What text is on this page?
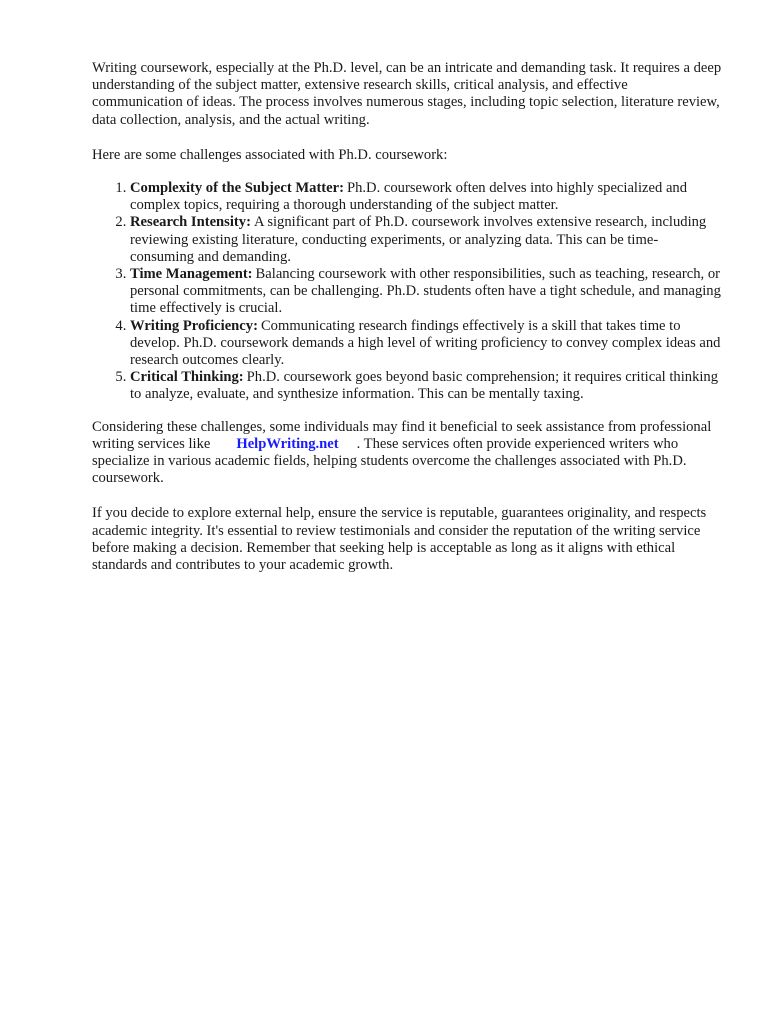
Writing coursework, especially at the Ph.D. level, can be an intricate and demanding task. It requires a deep understanding of the subject matter, extensive research skills, critical analysis, and effective communication of ideas. The process involves numerous stages, including topic selection, literature review, data collection, analysis, and the actual writing.

Here are some challenges associated with Ph.D. coursework:

1. Complexity of the Subject Matter: Ph.D. coursework often delves into highly specialized and complex topics, requiring a thorough understanding of the subject matter.
2. Research Intensity: A significant part of Ph.D. coursework involves extensive research, including reviewing existing literature, conducting experiments, or analyzing data. This can be time-consuming and demanding.
3. Time Management: Balancing coursework with other responsibilities, such as teaching, research, or personal commitments, can be challenging. Ph.D. students often have a tight schedule, and managing time effectively is crucial.
4. Writing Proficiency: Communicating research findings effectively is a skill that takes time to develop. Ph.D. coursework demands a high level of writing proficiency to convey complex ideas and research outcomes clearly.
5. Critical Thinking: Ph.D. coursework goes beyond basic comprehension; it requires critical thinking to analyze, evaluate, and synthesize information. This can be mentally taxing.

Considering these challenges, some individuals may find it beneficial to seek assistance from professional writing services like HelpWriting.net . These services often provide experienced writers who specialize in various academic fields, helping students overcome the challenges associated with Ph.D. coursework.

If you decide to explore external help, ensure the service is reputable, guarantees originality, and respects academic integrity. It's essential to review testimonials and consider the reputation of the writing service before making a decision. Remember that seeking help is acceptable as long as it aligns with ethical standards and contributes to your academic growth.
